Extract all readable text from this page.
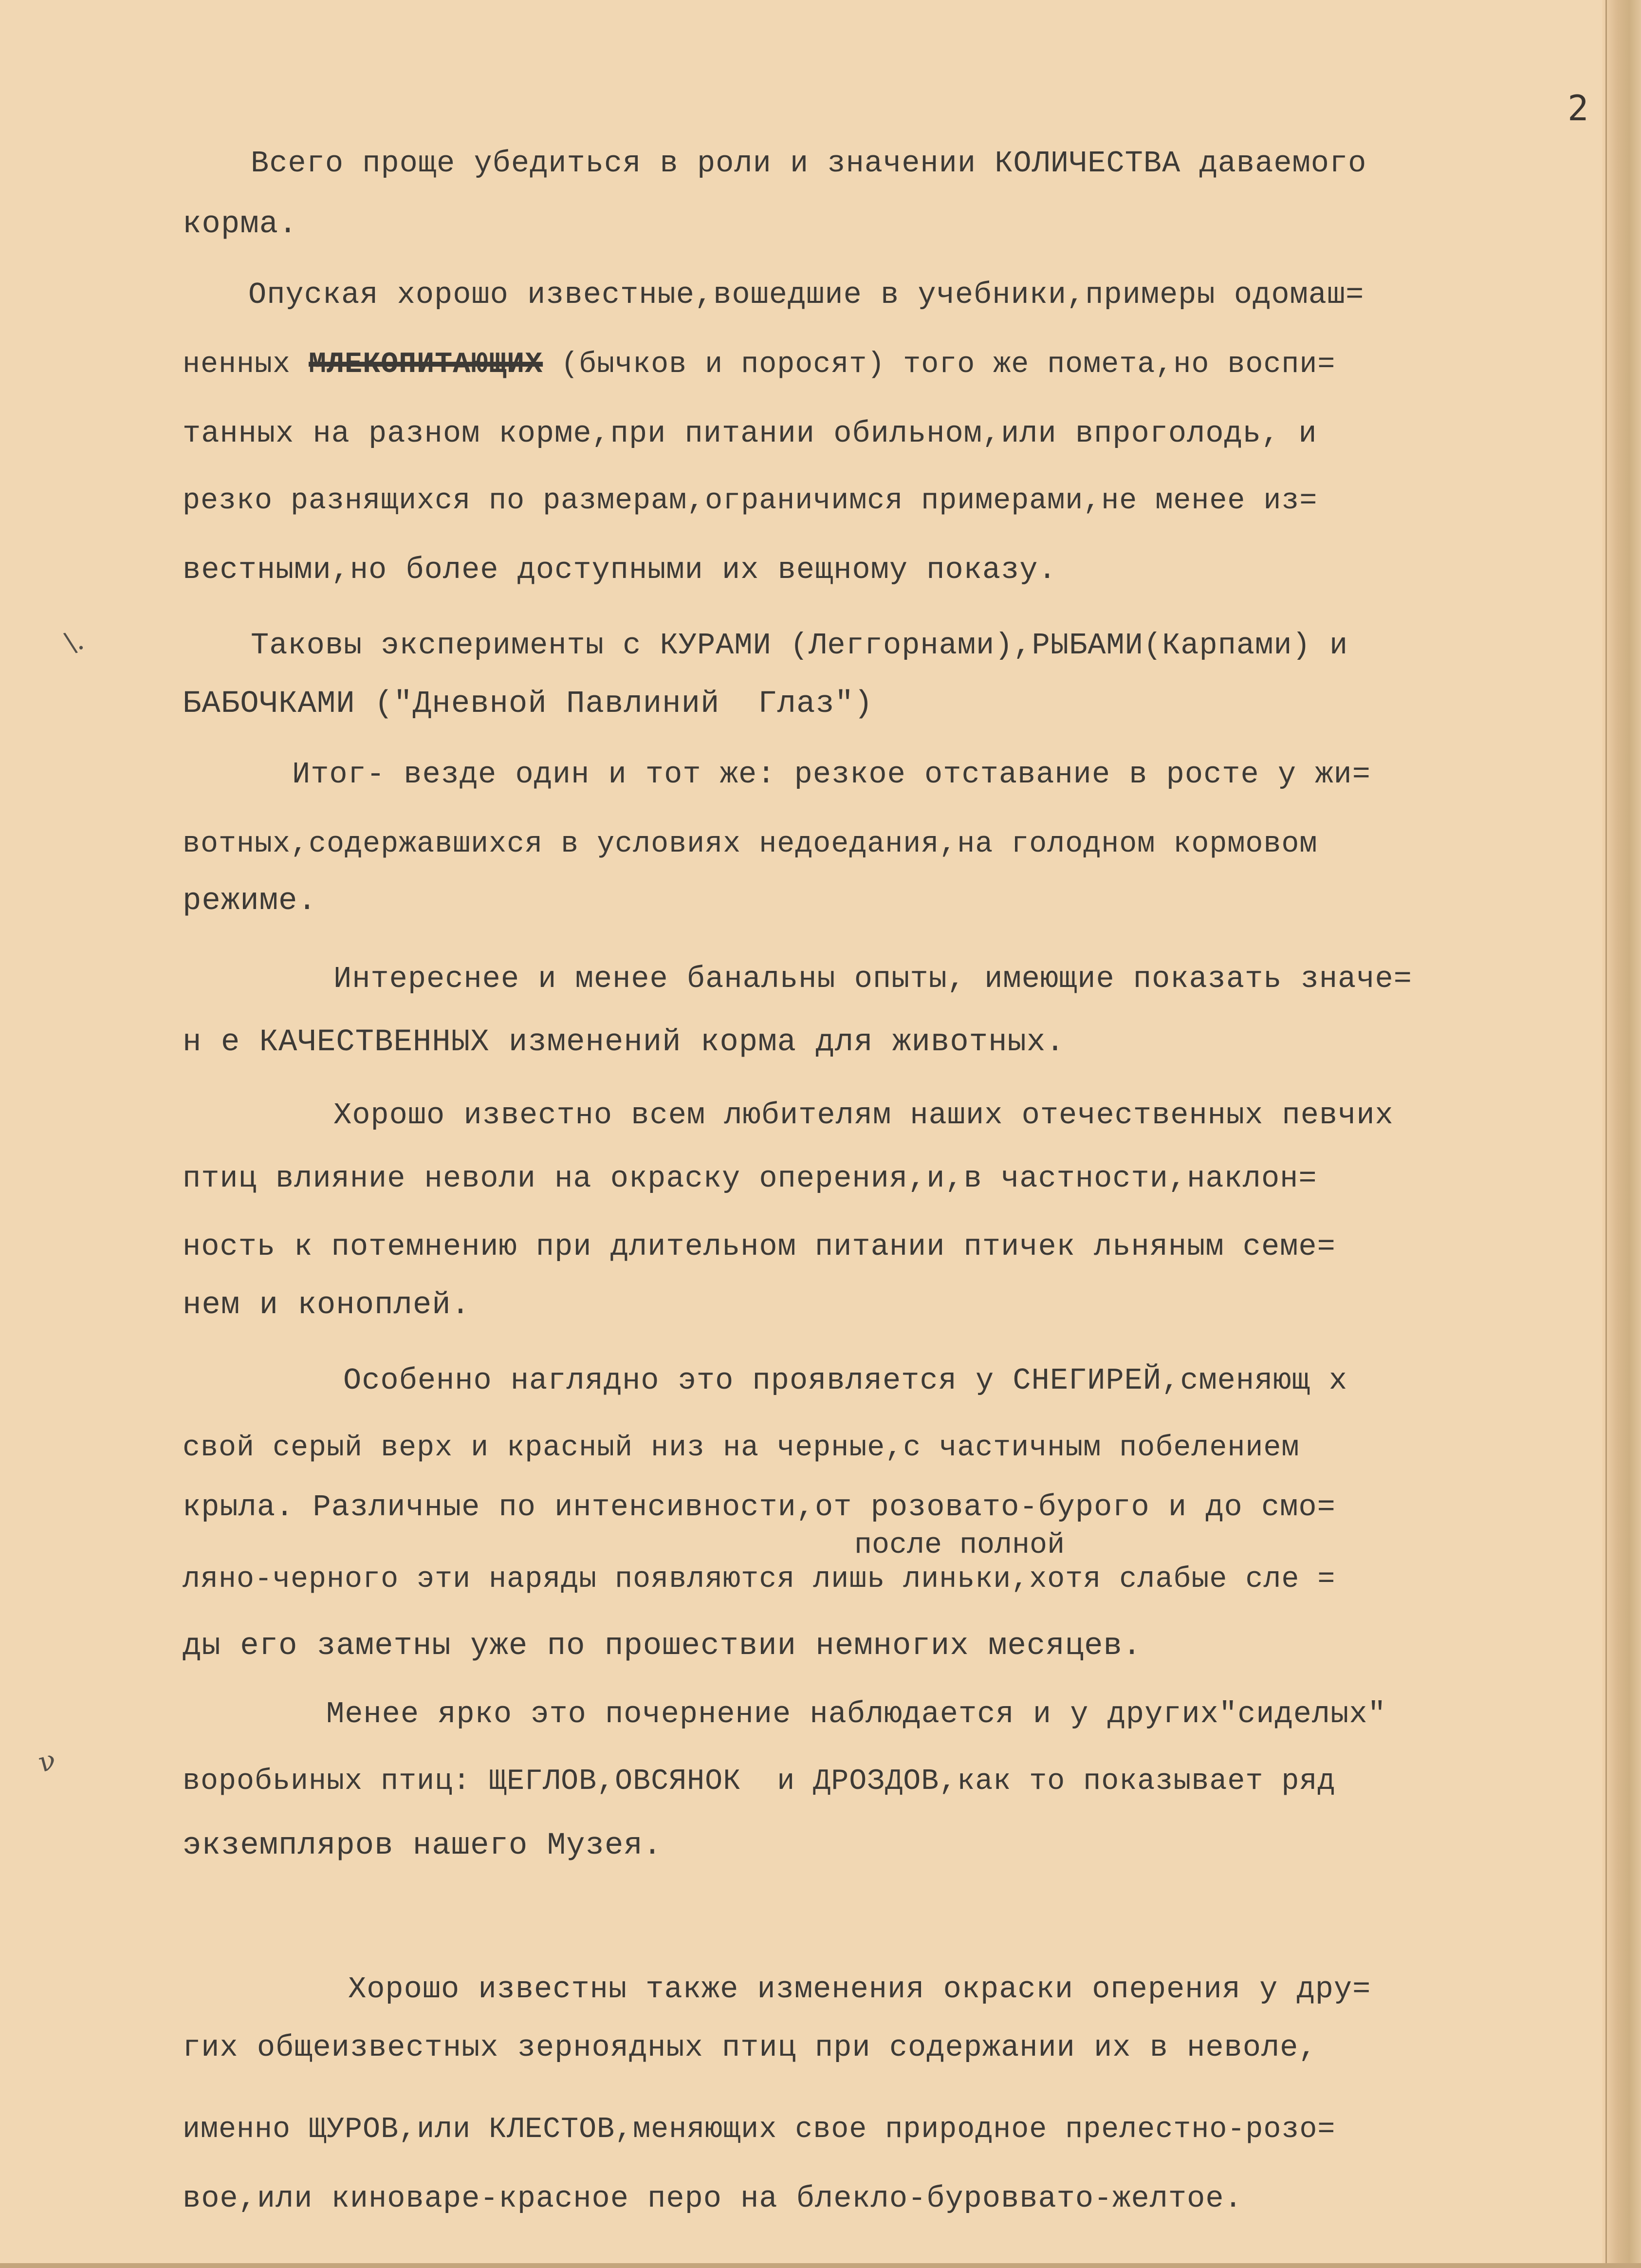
2
\.
ν
Всего проще убедиться в роли и значении КОЛИЧЕСТВА даваемого
корма.
Опуская хорошо известные,вошедшие в учебники,примеры одомаш=
ненных МЛЕКОПИТАЮЩИХ (бычков и поросят) того же помета,но воспи=
танных на разном корме,при питании обильном,или впроголодь, и
резко разнящихся по размерам,ограничимся примерами,не менее из=
вестными,но более доступными их вещному показу.
Таковы эксперименты с КУРАМИ (Леггорнами),РЫБАМИ(Карпами) и
БАБОЧКАМИ ("Дневной Павлиний  Глаз")
Итог- везде один и тот же: резкое отставание в росте у жи=
вотных,содержавшихся в условиях недоедания,на голодном кормовом
режиме.
Интереснее и менее банальны опыты, имеющие показать значе=
н е КАЧЕСТВЕННЫХ изменений корма для животных.
Хорошо известно всем любителям наших отечественных певчих
птиц влияние неволи на окраску оперения,и,в частности,наклон=
ность к потемнению при длительном питании птичек льняным семе=
нем и коноплей.
Особенно наглядно это проявляется у СНЕГИРЕЙ,сменяющ х
свой серый верх и красный низ на черные,с частичным побелением
крыла. Различные по интенсивности,от розовато-бурого и до смо=
после полной
ляно-черного эти наряды появляются лишь линьки,хотя слабые сле =
ды его заметны уже по прошествии немногих месяцев.
Менее ярко это почернение наблюдается и у других"сиделых"
воробьиных птиц: ЩЕГЛОВ,ОВСЯНОК  и ДРОЗДОВ,как то показывает ряд
экземпляров нашего Музея.
Хорошо известны также изменения окраски оперения у дру=
гих общеизвестных зерноядных птиц при содержании их в неволе,
именно ЩУРОВ,или КЛЕСТОВ,меняющих свое природное прелестно-розо=
вое,или киноварe-красное перо на блекло-буроввато-желтое.
